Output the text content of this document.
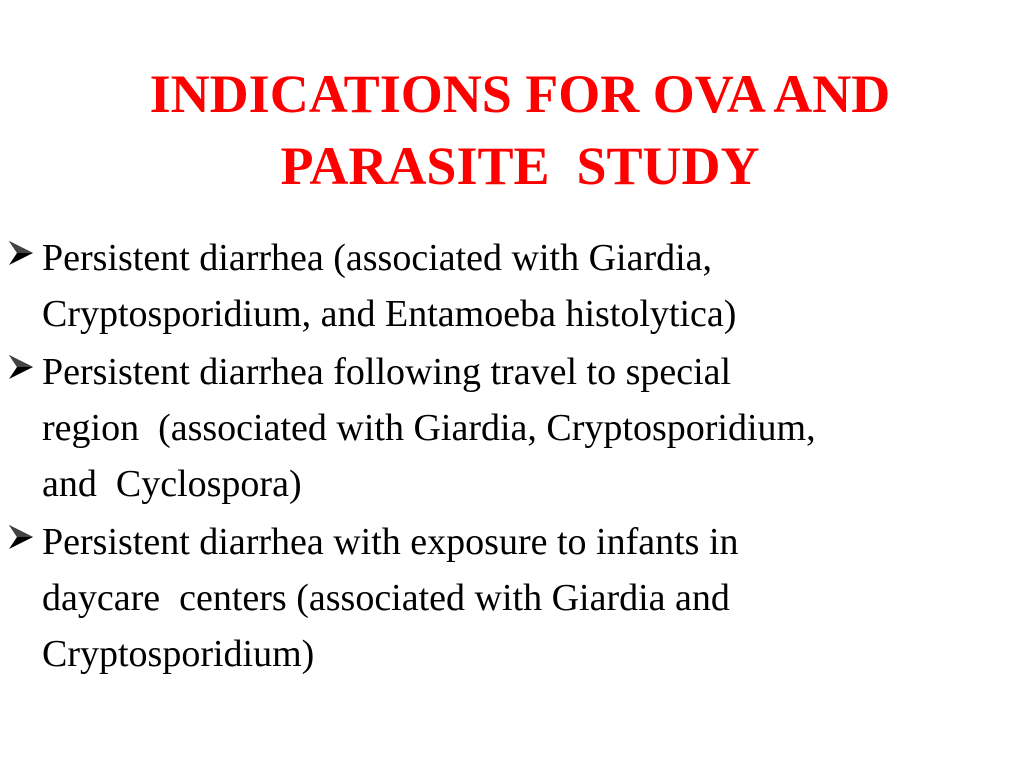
INDICATIONS FOR OVA AND
PARASITE  STUDY
Persistent diarrhea (associated with Giardia,
Cryptosporidium, and Entamoeba histolytica)
Persistent diarrhea following travel to special
region  (associated with Giardia, Cryptosporidium,
and  Cyclospora)
Persistent diarrhea with exposure to infants in
daycare  centers (associated with Giardia and
Cryptosporidium)
